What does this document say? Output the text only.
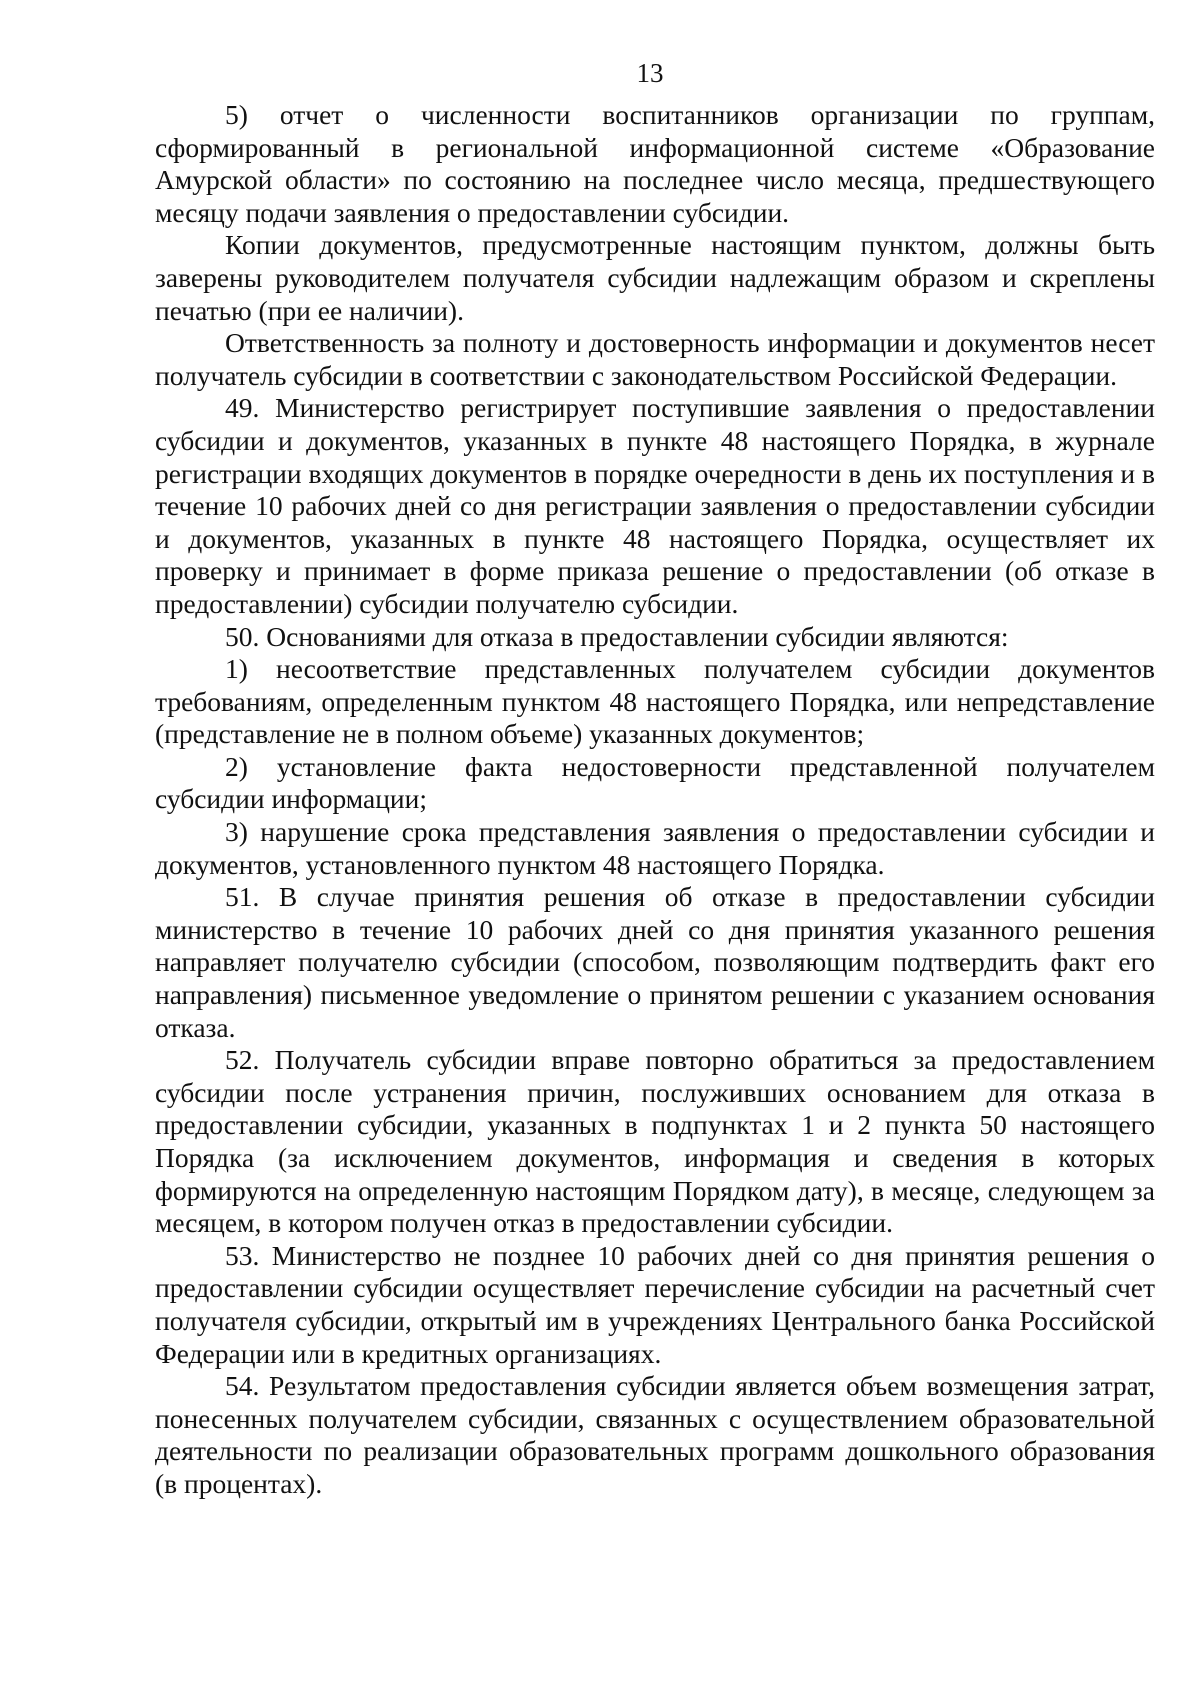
13

5) отчет о численности воспитанников организации по группам, сформированный в региональной информационной системе «Образование Амурской области» по состоянию на последнее число месяца, предшествующего месяцу подачи заявления о предоставлении субсидии.

Копии документов, предусмотренные настоящим пунктом, должны быть заверены руководителем получателя субсидии надлежащим образом и скреплены печатью (при ее наличии).

Ответственность за полноту и достоверность информации и документов несет получатель субсидии в соответствии с законодательством Российской Федерации.

49. Министерство регистрирует поступившие заявления о предоставлении субсидии и документов, указанных в пункте 48 настоящего Порядка, в журнале регистрации входящих документов в порядке очередности в день их поступления и в течение 10 рабочих дней со дня регистрации заявления о предоставлении субсидии и документов, указанных в пункте 48 настоящего Порядка, осуществляет их проверку и принимает в форме приказа решение о предоставлении (об отказе в предоставлении) субсидии получателю субсидии.

50. Основаниями для отказа в предоставлении субсидии являются:

1) несоответствие представленных получателем субсидии документов требованиям, определенным пунктом 48 настоящего Порядка, или непредставление (представление не в полном объеме) указанных документов;

2) установление факта недостоверности представленной получателем субсидии информации;

3) нарушение срока представления заявления о предоставлении субсидии и документов, установленного пунктом 48 настоящего Порядка.

51. В случае принятия решения об отказе в предоставлении субсидии министерство в течение 10 рабочих дней со дня принятия указанного решения направляет получателю субсидии (способом, позволяющим подтвердить факт его направления) письменное уведомление о принятом решении с указанием основания отказа.

52. Получатель субсидии вправе повторно обратиться за предоставлением субсидии после устранения причин, послуживших основанием для отказа в предоставлении субсидии, указанных в подпунктах 1 и 2 пункта 50 настоящего Порядка (за исключением документов, информация и сведения в которых формируются на определенную настоящим Порядком дату), в месяце, следующем за месяцем, в котором получен отказ в предоставлении субсидии.

53. Министерство не позднее 10 рабочих дней со дня принятия решения о предоставлении субсидии осуществляет перечисление субсидии на расчетный счет получателя субсидии, открытый им в учреждениях Центрального банка Российской Федерации или в кредитных организациях.

54. Результатом предоставления субсидии является объем возмещения затрат, понесенных получателем субсидии, связанных с осуществлением образовательной деятельности по реализации образовательных программ дошкольного образования (в процентах).
